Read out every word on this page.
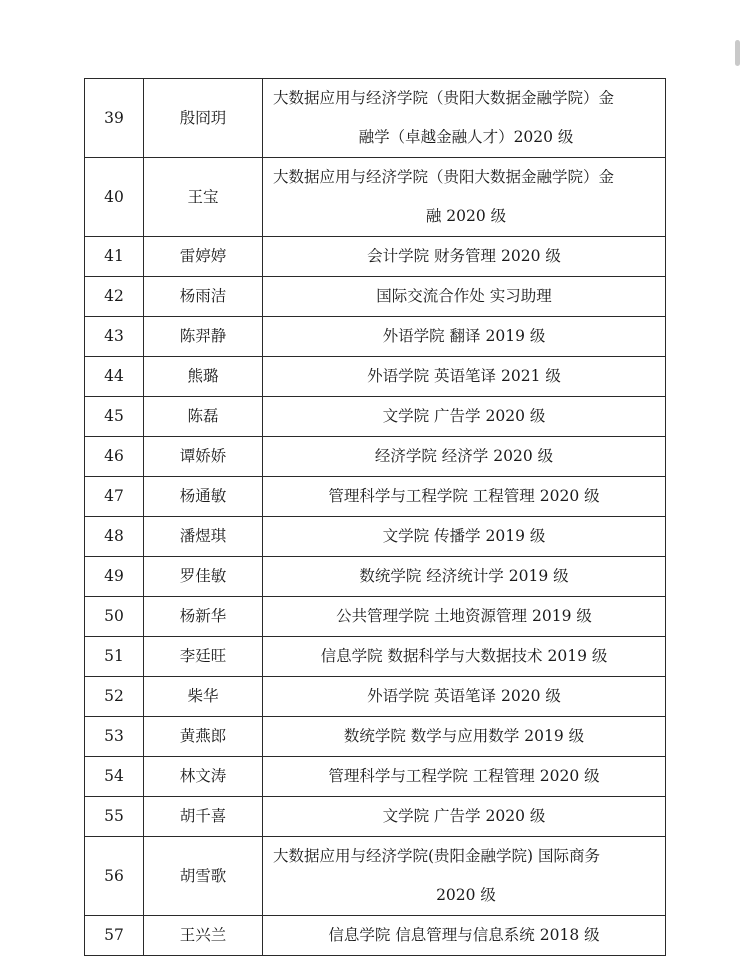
39	殷冏玥	大数据应用与经济学院（贵阳大数据金融学院）金
融学（卓越金融人才）2020 级

40	王宝	大数据应用与经济学院（贵阳大数据金融学院）金
融 2020 级

41	雷婷婷	会计学院 财务管理 2020 级
42	杨雨洁	国际交流合作处 实习助理
43	陈羿静	外语学院 翻译 2019 级
44	熊璐	外语学院 英语笔译 2021 级
45	陈磊	文学院 广告学 2020 级
46	谭娇娇	经济学院 经济学 2020 级
47	杨通敏	管理科学与工程学院 工程管理 2020 级
48	潘煜琪	文学院 传播学 2019 级
49	罗佳敏	数统学院 经济统计学 2019 级
50	杨新华	公共管理学院 土地资源管理 2019 级
51	李廷旺	信息学院 数据科学与大数据技术 2019 级
52	柴华	外语学院 英语笔译 2020 级
53	黄燕郎	数统学院 数学与应用数学 2019 级
54	林文涛	管理科学与工程学院 工程管理 2020 级
55	胡千喜	文学院 广告学 2020 级
56	胡雪歌	大数据应用与经济学院(贵阳金融学院) 国际商务
2020 级

57	王兴兰	信息学院 信息管理与信息系统 2018 级
